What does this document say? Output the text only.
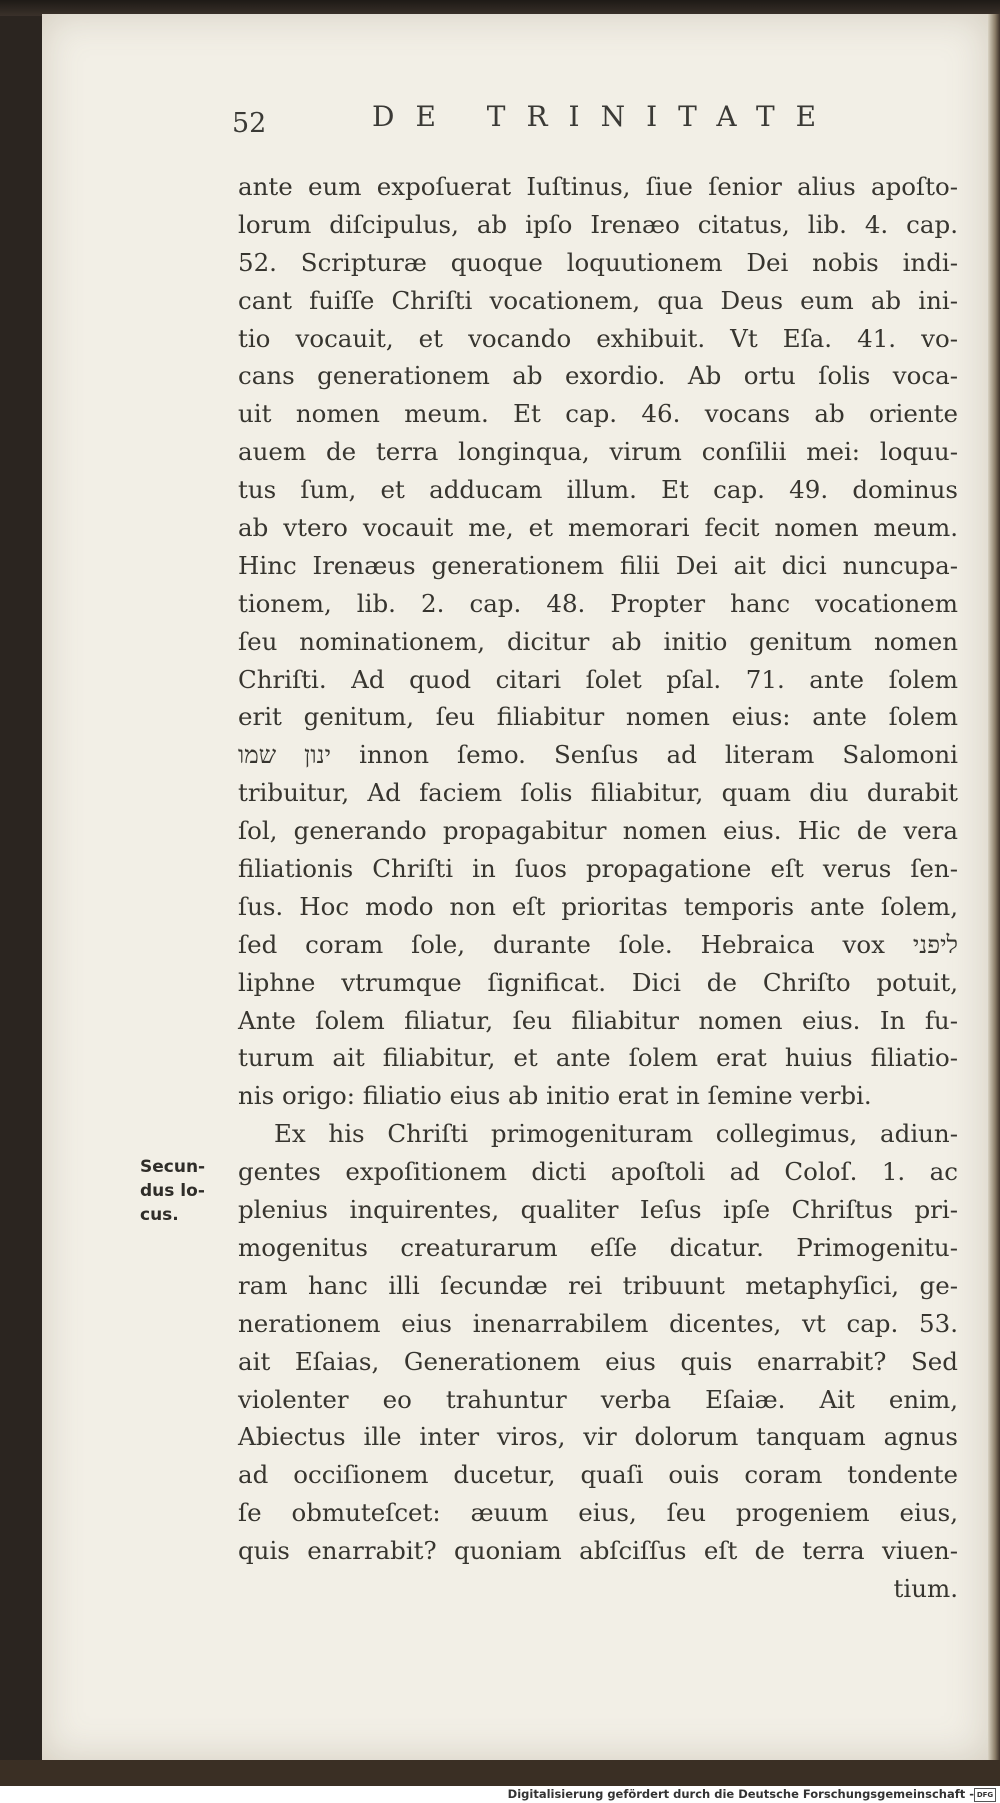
52	DE TRINITATE
Secun-
dus lo-
cus.
ante eum expoſuerat Iuſtinus, ſiue ſenior alius apoſto-
lorum diſcipulus, ab ipſo Irenæo citatus, lib. 4. cap.
52. Scripturæ quoque loquutionem Dei nobis indi-
cant fuiſſe Chriſti vocationem, qua Deus eum ab ini-
tio vocauit, et vocando exhibuit. Vt Eſa. 41. vo-
cans generationem ab exordio. Ab ortu ſolis voca-
uit nomen meum. Et cap. 46. vocans ab oriente
auem de terra longinqua, virum conſilii mei: loquu-
tus ſum, et adducam illum. Et cap. 49. dominus
ab vtero vocauit me, et memorari fecit nomen meum.
Hinc Irenæus generationem filii Dei ait dici nuncupa-
tionem, lib. 2. cap. 48. Propter hanc vocationem
ſeu nominationem, dicitur ab initio genitum nomen
Chriſti. Ad quod citari ſolet pſal. 71. ante ſolem
erit genitum, ſeu filiabitur nomen eius: ante ſolem
ינון שמו innon ſemo. Senſus ad literam Salomoni
tribuitur, Ad faciem ſolis filiabitur, quam diu durabit
ſol, generando propagabitur nomen eius. Hic de vera
filiationis Chriſti in ſuos propagatione eſt verus ſen-
ſus. Hoc modo non eſt prioritas temporis ante ſolem,
ſed coram ſole, durante ſole. Hebraica vox ליפני
liphne vtrumque ſignificat. Dici de Chriſto potuit,
Ante ſolem filiatur, ſeu filiabitur nomen eius. In fu-
turum ait filiabitur, et ante ſolem erat huius filiatio-
nis origo: filiatio eius ab initio erat in ſemine verbi.
Ex his Chriſti primogenituram collegimus, adiun-
gentes expoſitionem dicti apoſtoli ad Coloſ. 1. ac
plenius inquirentes, qualiter Ieſus ipſe Chriſtus pri-
mogenitus creaturarum eſſe dicatur. Primogenitu-
ram hanc illi ſecundæ rei tribuunt metaphyſici, ge-
nerationem eius inenarrabilem dicentes, vt cap. 53.
ait Eſaias, Generationem eius quis enarrabit? Sed
violenter eo trahuntur verba Eſaiæ. Ait enim,
Abiectus ille inter viros, vir dolorum tanquam agnus
ad occiſionem ducetur, quaſi ouis coram tondente
ſe obmuteſcet: æuum eius, ſeu progeniem eius,
quis enarrabit? quoniam abſciſſus eſt de terra viuen-
tium.
Digitalisierung gefördert durch die Deutsche Forschungsgemeinschaft - DFG
